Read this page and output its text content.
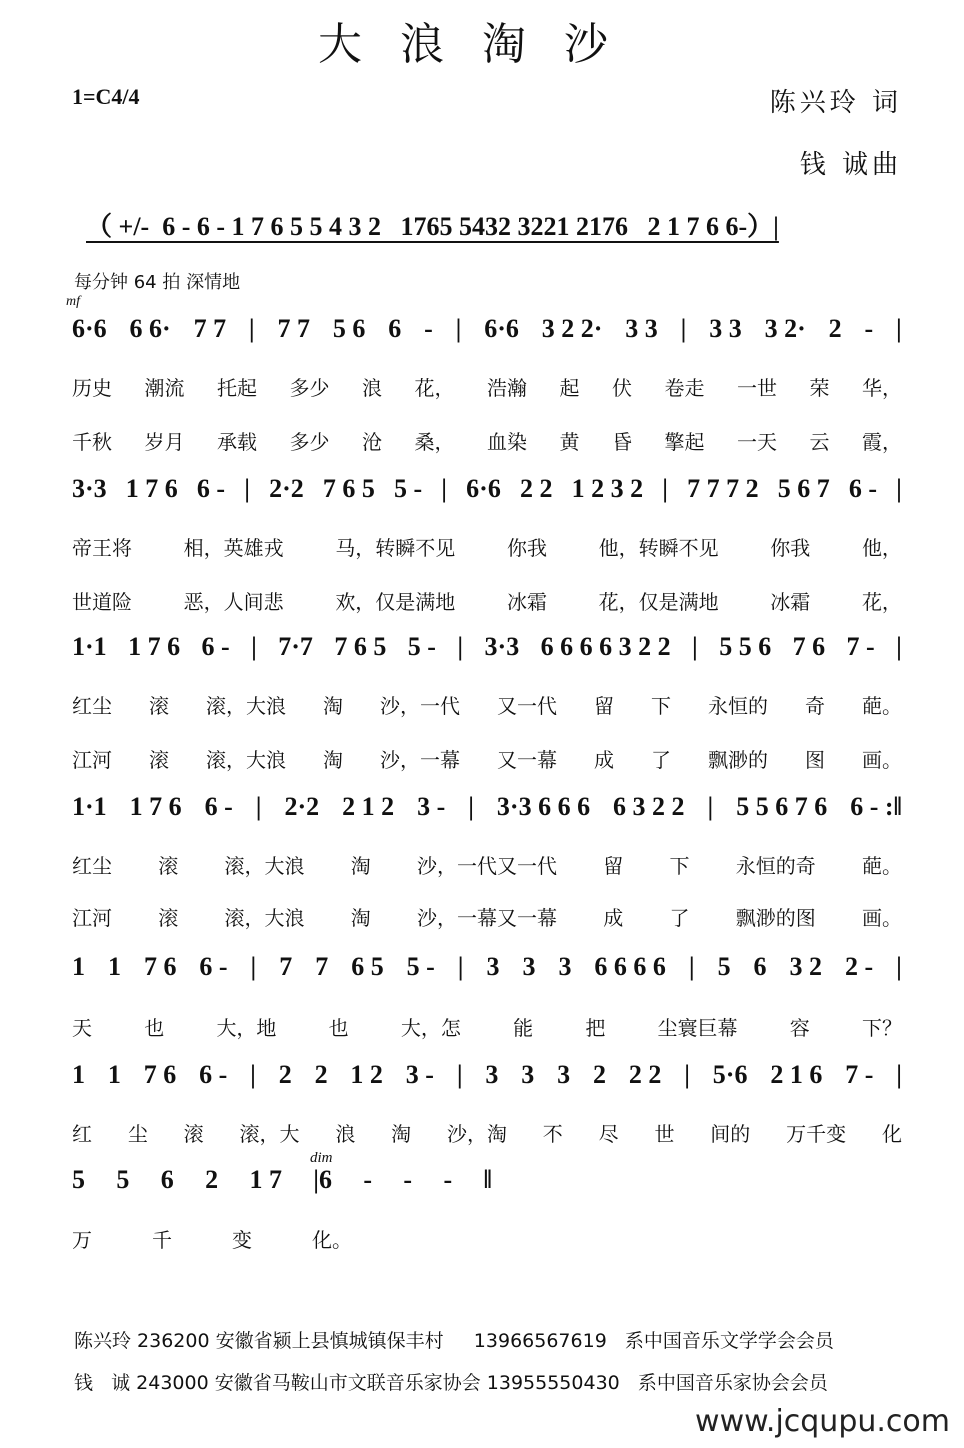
大浪淘沙
1=C4/4	陈兴玲 词
钱 诚曲
（ +/-  6 - 6 - 1 7 6 5 5 4 3 2   1765 5432 3221 2176   2 1 7 6 6-）|
每分钟 64 拍 深情地
mf
dim
6·6 6 6· 7 7 | 7 7 5 6 6 - | 6·6 3 2 2· 3 3 | 3 3 3 2· 2 - |
历史 潮流 托起 多少 浪 花， 浩瀚 起 伏 卷走 一世 荣 华，
千秋 岁月 承载 多少 沧 桑， 血染 黄 昏 擎起 一天 云 霞，
3·3 1 7 6 6 - | 2·2 7 6 5 5 - | 6·6 2 2 1 2 3 2 | 7 7 7 2 5 6 7 6 - |
帝王将	相，英雄戎	马，转瞬不见	你我	他，转瞬不见	你我	他，
世道险	恶，人间悲	欢，仅是满地	冰霜	花，仅是满地	冰霜	花，
1·1 1 7 6 6 - | 7·7 7 6 5 5 - | 3·3 6 6 6 6 3 2 2 | 5 5 6 7 6 7 - |
红尘 滚 滚，大浪 淘 沙，一代 又一代 留 下 永恒的 奇 葩。
江河 滚 滚，大浪 淘 沙，一幕 又一幕 成 了 飘渺的 图 画。
1·1 1 7 6 6 - | 2·2 2 1 2 3 - | 3·3 6 6 6 6 3 2 2 | 5 5 6 7 6 6 - :‖
红尘 滚 滚，大浪 淘 沙，一代又一代 留 下 永恒的奇 葩。
江河 滚 滚，大浪 淘 沙，一幕又一幕 成 了 飘渺的图 画。
1 1 7 6 6 - | 7 7 6 5 5 - | 3 3 3 6 6 6 6 | 5 6 3 2 2 - |
天	也	大，地	也	大，怎	能	把	尘寰巨幕	容	下？
1 1 7 6 6 - | 2 2 1 2 3 - | 3 3 3 2 2 2 | 5·6 2 1 6 7 - |
红 尘 滚 滚，大 浪 淘 沙，淘 不 尽 世 间的 万千变 化
5 5 6 2 1 7 |6 - - - ‖
万	千	变	化。
陈兴玲 236200 安徽省颍上县慎城镇保丰村     13966567619   系中国音乐文学学会会员
钱   诚 243000 安徽省马鞍山市文联音乐家协会 13955550430   系中国音乐家协会会员
www.jcqupu.com
